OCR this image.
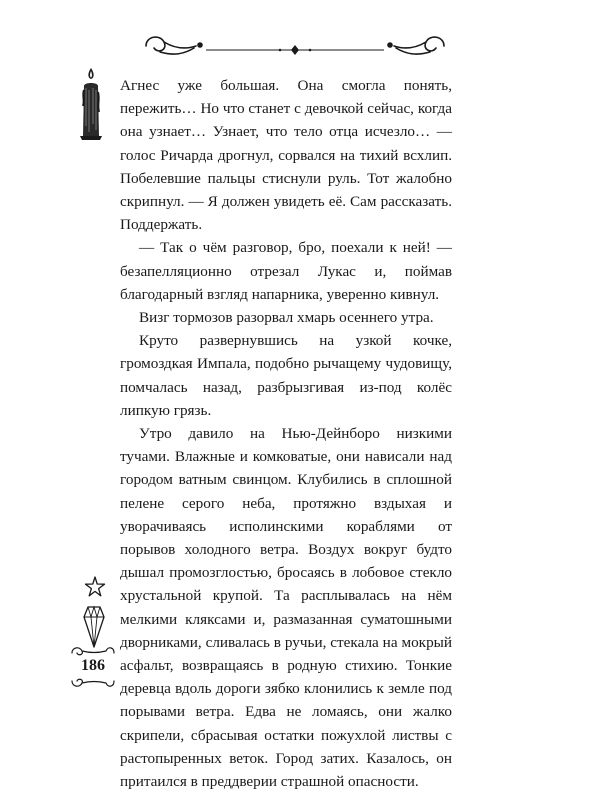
Агнес уже большая. Она смогла понять, пережить… Но что станет с девочкой сейчас, когда она узнает… Узнает, что тело отца исчезло… — голос Ричарда дрогнул, сорвался на тихий всхлип. Побелевшие пальцы стиснули руль. Тот жалобно скрипнул. — Я должен увидеть её. Сам рассказать. Поддержать.

— Так о чём разговор, бро, поехали к ней! — безапелляционно отрезал Лукас и, поймав благодарный взгляд напарника, уверенно кивнул.

Визг тормозов разорвал хмарь осеннего утра.

Круто развернувшись на узкой кочке, громоздкая Импала, подобно рычащему чудовищу, помчалась назад, разбрызгивая из-под колёс липкую грязь.

Утро давило на Нью-Дейнборо низкими тучами. Влажные и комковатые, они нависали над городом ватным свинцом. Клубились в сплошной пелене серого неба, протяжно вздыхая и уворачиваясь исполинскими кораблями от порывов холодного ветра. Воздух вокруг будто дышал промозглостью, бросаясь в лобовое стекло хрустальной крупой. Та расплывалась на нём мелкими кляксами и, размазанная суматошными дворниками, сливалась в ручьи, стекала на мокрый асфальт, возвращаясь в родную стихию. Тонкие деревца вдоль дороги зябко клонились к земле под порывами ветра. Едва не ломаясь, они жалко скрипели, сбрасывая остатки пожухлой листвы с растопыренных веток. Город затих. Казалось, он притаился в преддверии страшной опасности.

186
